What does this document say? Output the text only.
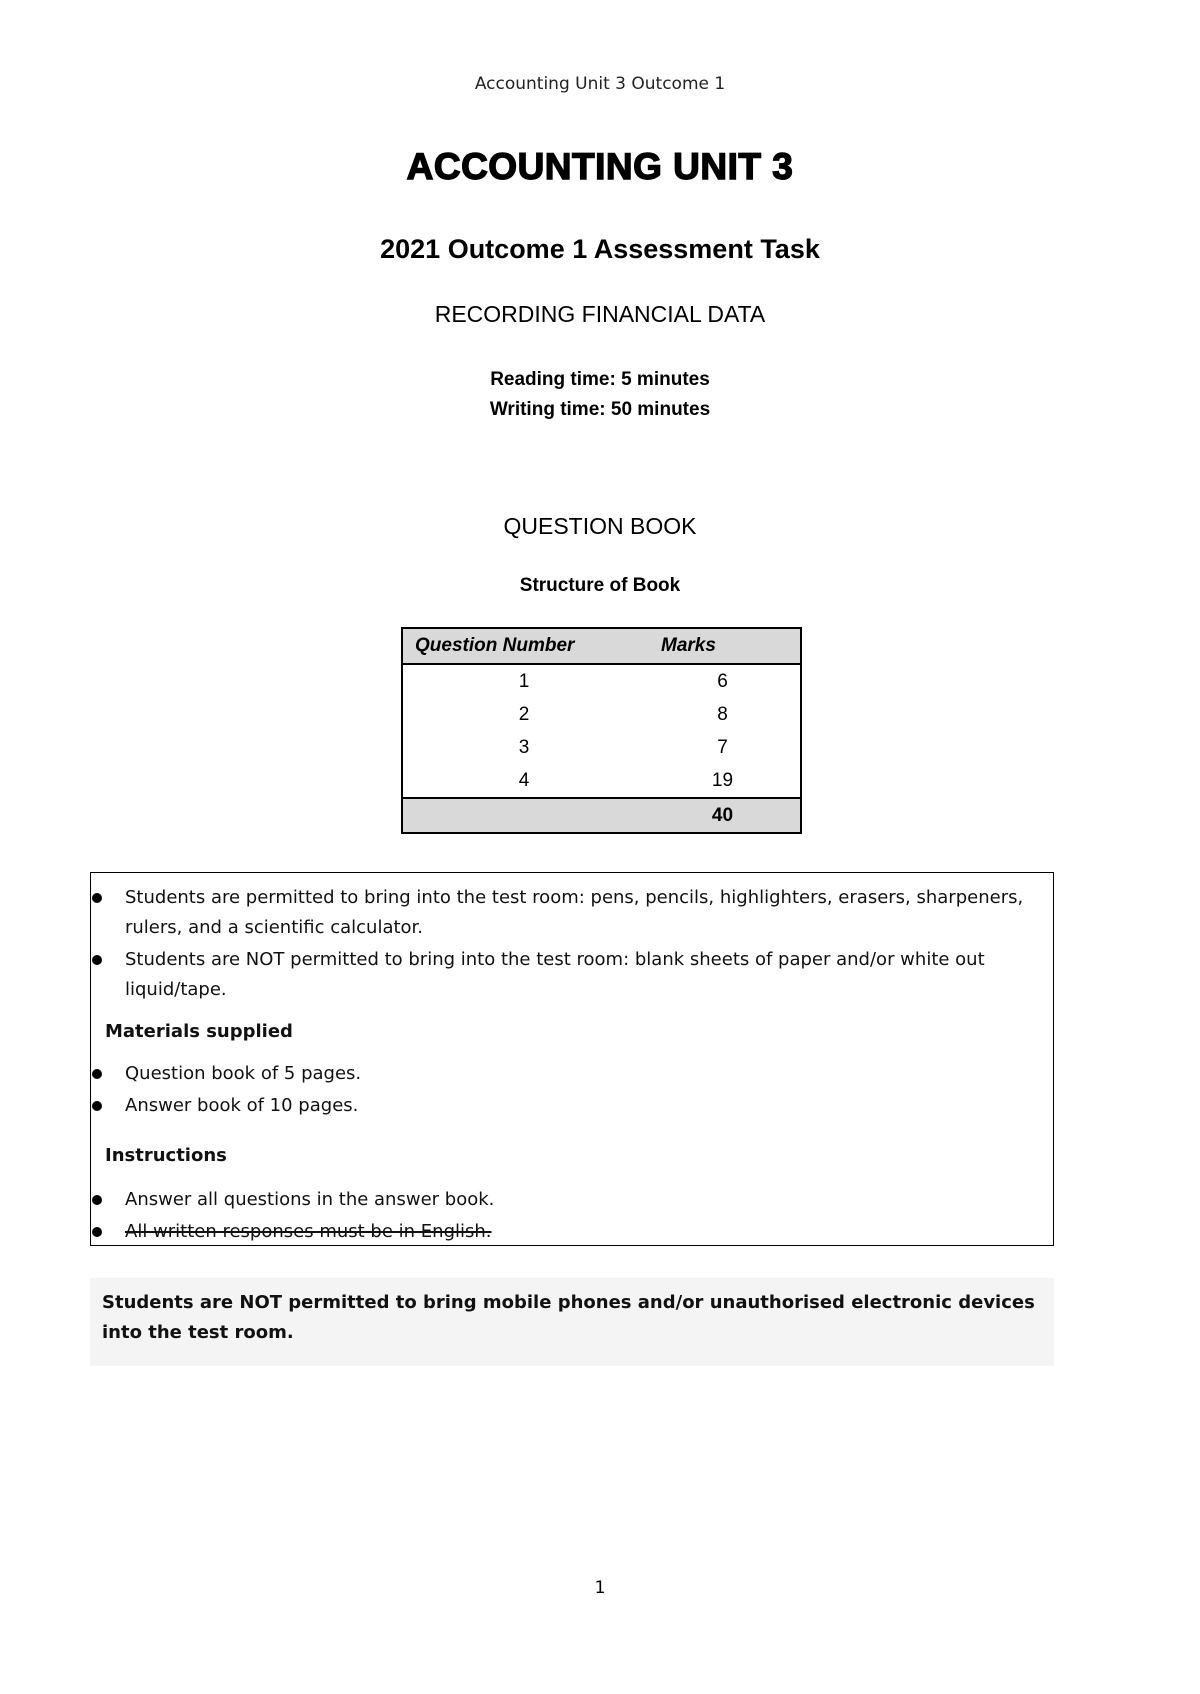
Accounting Unit 3 Outcome 1
ACCOUNTING UNIT 3
2021 Outcome 1 Assessment Task
RECORDING FINANCIAL DATA
Reading time: 5 minutes
Writing time: 50 minutes
QUESTION BOOK
Structure of Book
Question Number	Marks
1	6
2	8
3	7
4	19
	40
Students are permitted to bring into the test room: pens, pencils, highlighters, erasers, sharpeners, rulers, and a scientific calculator.
Students are NOT permitted to bring into the test room: blank sheets of paper and/or white out liquid/tape.
Materials supplied
Question book of 5 pages.
Answer book of 10 pages.
Instructions
Answer all questions in the answer book.
All written responses must be in English.
Students are NOT permitted to bring mobile phones and/or unauthorised electronic devices into the test room.
1
